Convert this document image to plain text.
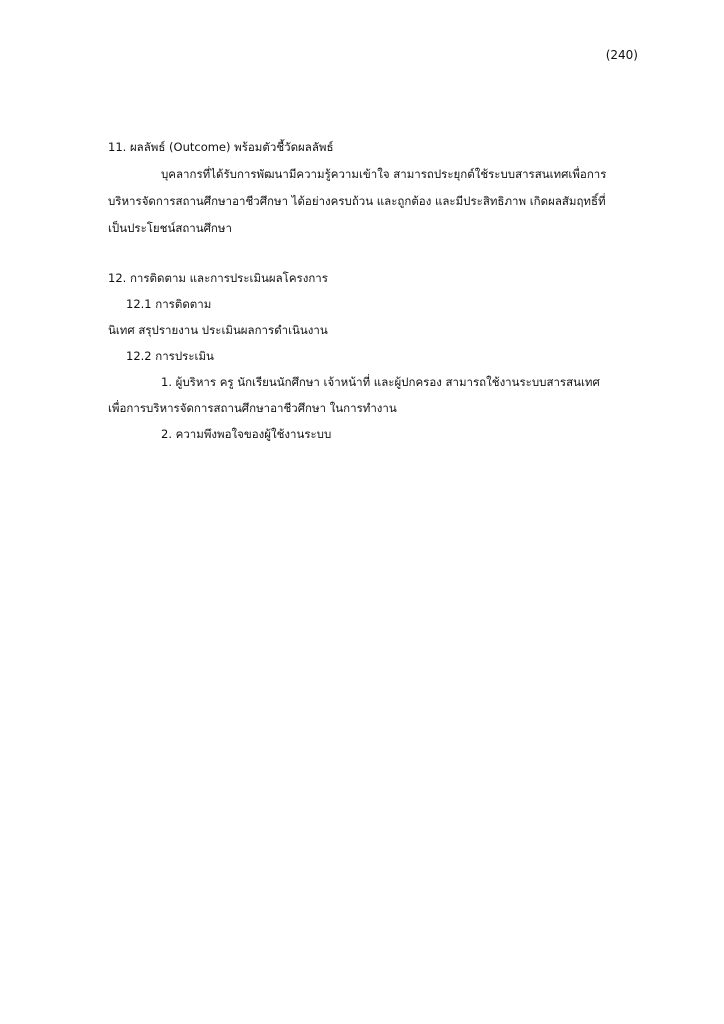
(240)
11. ผลลัพธ์ (Outcome) พร้อมตัวชี้วัดผลลัพธ์
บุคลากรที่ได้รับการพัฒนามีความรู้ความเข้าใจ สามารถประยุกต์ใช้ระบบสารสนเทศเพื่อการ
บริหารจัดการสถานศึกษาอาชีวศึกษา ได้อย่างครบถ้วน และถูกต้อง และมีประสิทธิภาพ เกิดผลสัมฤทธิ์ที่
เป็นประโยชน์สถานศึกษา
12. การติดตาม และการประเมินผลโครงการ
12.1 การติดตาม
นิเทศ สรุปรายงาน ประเมินผลการดำเนินงาน
12.2 การประเมิน
1. ผู้บริหาร ครู นักเรียนนักศึกษา เจ้าหน้าที่ และผู้ปกครอง สามารถใช้งานระบบสารสนเทศ
เพื่อการบริหารจัดการสถานศึกษาอาชีวศึกษา ในการทำงาน
2. ความพึงพอใจของผู้ใช้งานระบบ
